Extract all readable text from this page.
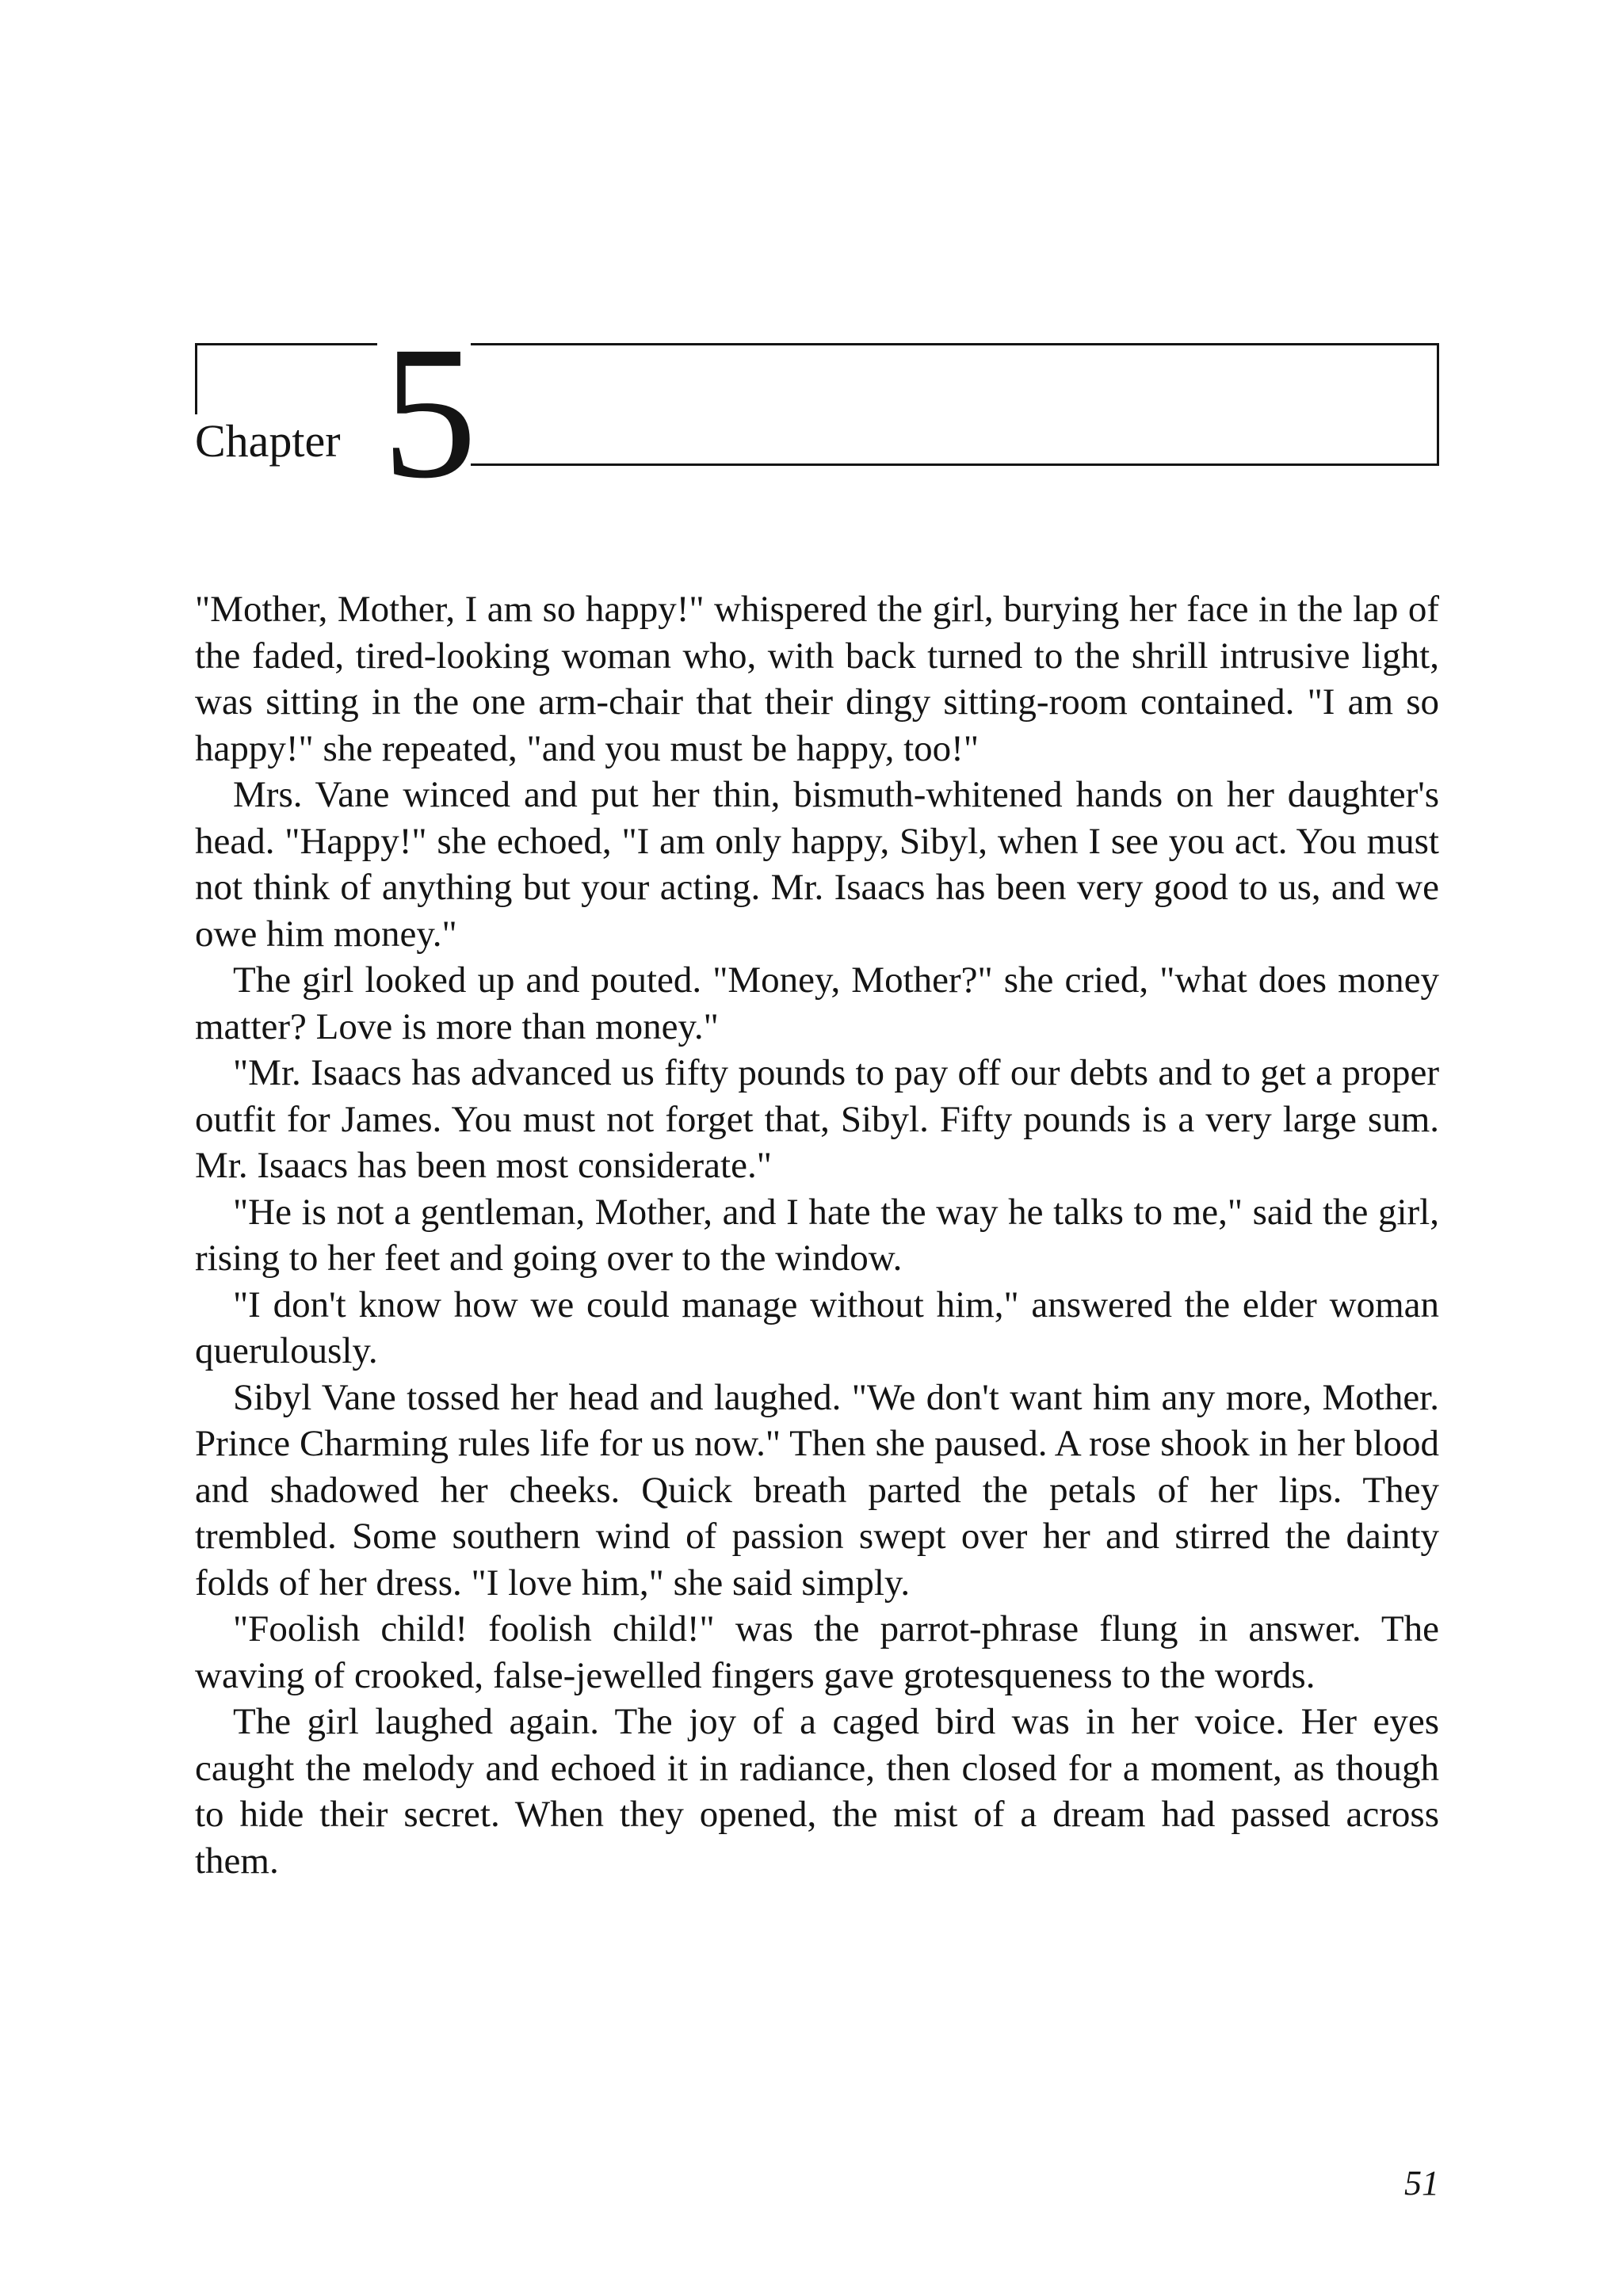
Chapter 5

"Mother, Mother, I am so happy!" whispered the girl, burying her face in the lap of the faded, tired-looking woman who, with back turned to the shrill intrusive light, was sitting in the one arm-chair that their dingy sitting-room contained. "I am so happy!" she repeated, "and you must be happy, too!"

Mrs. Vane winced and put her thin, bismuth-whitened hands on her daughter's head. "Happy!" she echoed, "I am only happy, Sibyl, when I see you act. You must not think of anything but your acting. Mr. Isaacs has been very good to us, and we owe him money."

The girl looked up and pouted. "Money, Mother?" she cried, "what does money matter? Love is more than money."

"Mr. Isaacs has advanced us fifty pounds to pay off our debts and to get a proper outfit for James. You must not forget that, Sibyl. Fifty pounds is a very large sum. Mr. Isaacs has been most considerate."

"He is not a gentleman, Mother, and I hate the way he talks to me," said the girl, rising to her feet and going over to the window.

"I don't know how we could manage without him," answered the elder woman querulously.

Sibyl Vane tossed her head and laughed. "We don't want him any more, Mother. Prince Charming rules life for us now." Then she paused. A rose shook in her blood and shadowed her cheeks. Quick breath parted the petals of her lips. They trembled. Some southern wind of passion swept over her and stirred the dainty folds of her dress. "I love him," she said simply.

"Foolish child! foolish child!" was the parrot-phrase flung in answer. The waving of crooked, false-jewelled fingers gave grotesqueness to the words.

The girl laughed again. The joy of a caged bird was in her voice. Her eyes caught the melody and echoed it in radiance, then closed for a moment, as though to hide their secret. When they opened, the mist of a dream had passed across them.

51
